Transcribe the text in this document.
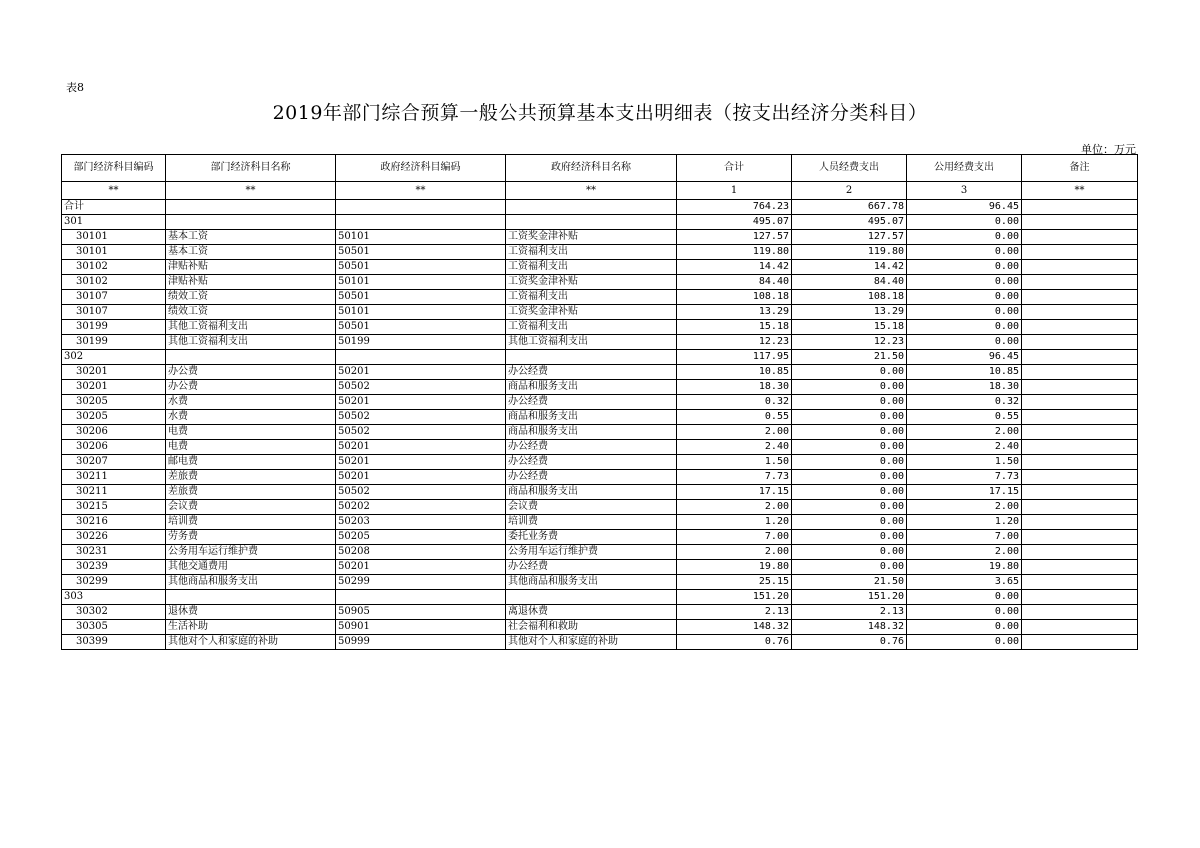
表8
2019年部门综合预算一般公共预算基本支出明细表（按支出经济分类科目）
单位：万元
部门经济科目编码	部门经济科目名称	政府经济科目编码	政府经济科目名称	合计	人员经费支出	公用经费支出	备注
**	**	**	**	1	2	3	**
合计				764.23	667.78	96.45	
301				495.07	495.07	0.00	
30101	基本工资	50101	工资奖金津补贴	127.57	127.57	0.00	
30101	基本工资	50501	工资福利支出	119.80	119.80	0.00	
30102	津贴补贴	50501	工资福利支出	14.42	14.42	0.00	
30102	津贴补贴	50101	工资奖金津补贴	84.40	84.40	0.00	
30107	绩效工资	50501	工资福利支出	108.18	108.18	0.00	
30107	绩效工资	50101	工资奖金津补贴	13.29	13.29	0.00	
30199	其他工资福利支出	50501	工资福利支出	15.18	15.18	0.00	
30199	其他工资福利支出	50199	其他工资福利支出	12.23	12.23	0.00	
302				117.95	21.50	96.45	
30201	办公费	50201	办公经费	10.85	0.00	10.85	
30201	办公费	50502	商品和服务支出	18.30	0.00	18.30	
30205	水费	50201	办公经费	0.32	0.00	0.32	
30205	水费	50502	商品和服务支出	0.55	0.00	0.55	
30206	电费	50502	商品和服务支出	2.00	0.00	2.00	
30206	电费	50201	办公经费	2.40	0.00	2.40	
30207	邮电费	50201	办公经费	1.50	0.00	1.50	
30211	差旅费	50201	办公经费	7.73	0.00	7.73	
30211	差旅费	50502	商品和服务支出	17.15	0.00	17.15	
30215	会议费	50202	会议费	2.00	0.00	2.00	
30216	培训费	50203	培训费	1.20	0.00	1.20	
30226	劳务费	50205	委托业务费	7.00	0.00	7.00	
30231	公务用车运行维护费	50208	公务用车运行维护费	2.00	0.00	2.00	
30239	其他交通费用	50201	办公经费	19.80	0.00	19.80	
30299	其他商品和服务支出	50299	其他商品和服务支出	25.15	21.50	3.65	
303				151.20	151.20	0.00	
30302	退休费	50905	离退休费	2.13	2.13	0.00	
30305	生活补助	50901	社会福利和救助	148.32	148.32	0.00	
30399	其他对个人和家庭的补助	50999	其他对个人和家庭的补助	0.76	0.76	0.00	
